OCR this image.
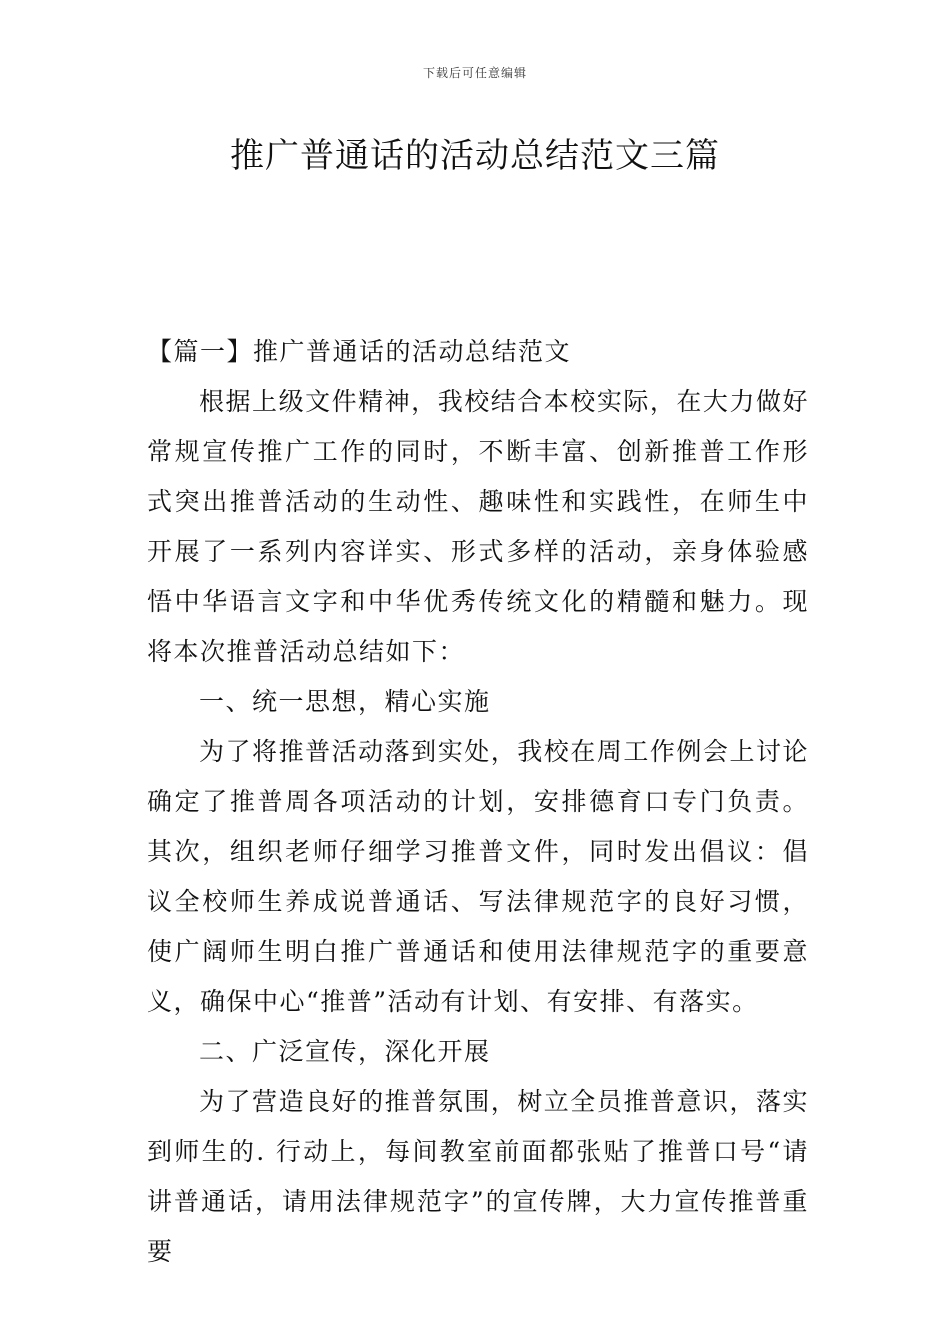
下载后可任意编辑
推广普通话的活动总结范文三篇

【篇一】推广普通话的活动总结范文

根据上级文件精神，我校结合本校实际，在大力做好常规宣传推广工作的同时，不断丰富、创新推普工作形式突出推普活动的生动性、趣味性和实践性，在师生中开展了一系列内容详实、形式多样的活动，亲身体验感悟中华语言文字和中华优秀传统文化的精髓和魅力。现将本次推普活动总结如下：

一、统一思想，精心实施

为了将推普活动落到实处，我校在周工作例会上讨论确定了推普周各项活动的计划，安排德育口专门负责。其次，组织老师仔细学习推普文件，同时发出倡议：倡议全校师生养成说普通话、写法律规范字的良好习惯，使广阔师生明白推广普通话和使用法律规范字的重要意义，确保中心“推普”活动有计划、有安排、有落实。

二、广泛宣传，深化开展

为了营造良好的推普氛围，树立全员推普意识，落实到师生的. 行动上，每间教室前面都张贴了推普口号“请讲普通话，请用法律规范字”的宣传牌，大力宣传推普重要
